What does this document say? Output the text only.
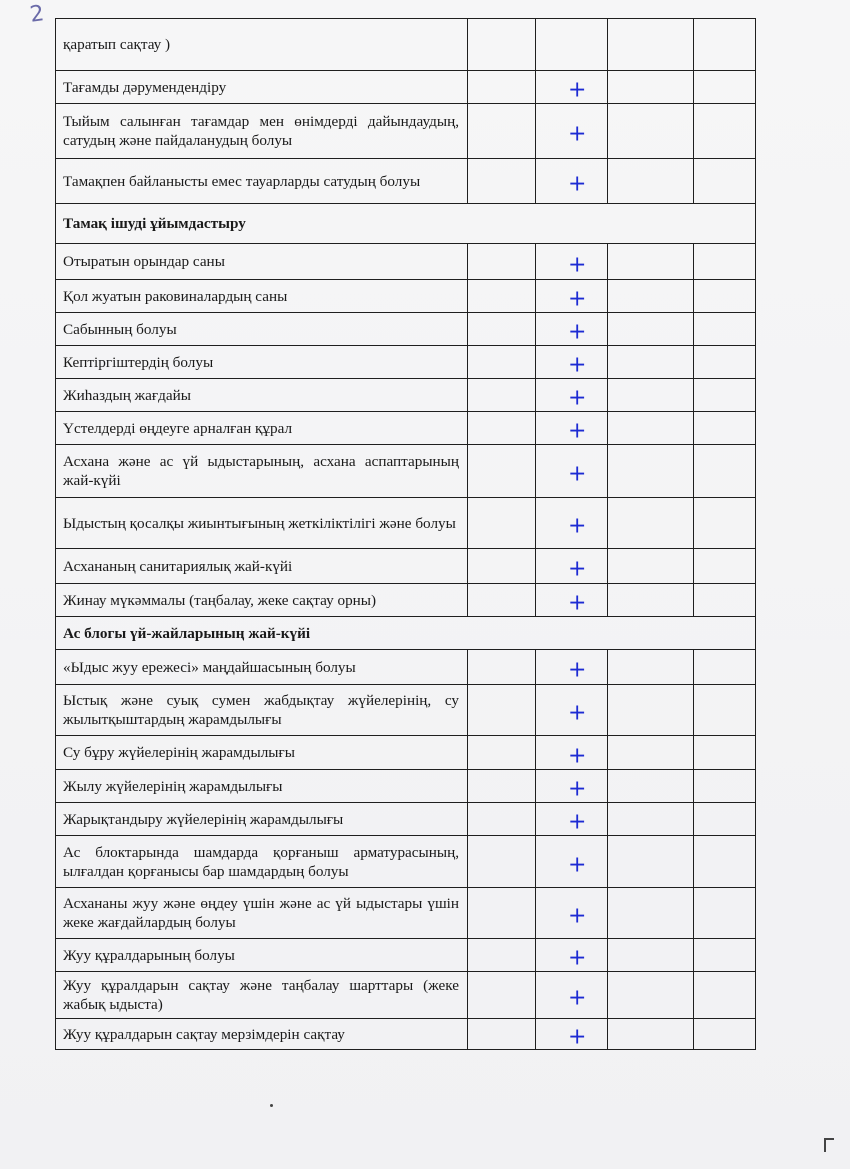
2
қаратып сақтау )				
Тағамды дәрумендендіру		+		

Тыйым салынған тағамдар мен өнімдерді дайындаудың, сатудың және пайдаланудың болуы		+		

Тамақпен байланысты емес тауарларды сатудың болуы		+		

Тамақ ішуді ұйымдастыру				
Отыратын орындар саны		+		

Қол жуатын раковиналардың саны		+		

Сабынның болуы		+		

Кептіргіштердің болуы		+		

Жиһаздың жағдайы		+		

Үстелдерді өңдеуге арналған құрал		+		

Асхана және ас үй ыдыстарының, асхана аспаптарының жай-күйі		+		

Ыдыстың қосалқы жиынтығының жеткіліктілігі және болуы		+		

Асхананың санитариялық жай-күйі		+		

Жинау мүкәммалы (таңбалау, жеке сақтау орны)		+		

Ас блогы үй-жайларының жай-күйі				
«Ыдыс жуу ережесі» маңдайшасының болуы		+		

Ыстық және суық сумен жабдықтау жүйелерінің, су жылытқыштардың жарамдылығы		+		

Су бұру жүйелерінің жарамдылығы		+		

Жылу жүйелерінің жарамдылығы		+		

Жарықтандыру жүйелерінің жарамдылығы		+		

Ас блоктарында шамдарда қорғаныш арматурасының, ылғалдан қорғанысы бар шамдардың болуы		+		

Асхананы жуу және өңдеу үшін және ас үй ыдыстары үшін жеке жағдайлардың болуы		+		

Жуу құралдарының болуы		+		

Жуу құралдарын сақтау және таңбалау шарттары (жеке жабық ыдыста)		+		

Жуу құралдарын сақтау мерзімдерін сақтау		+		
